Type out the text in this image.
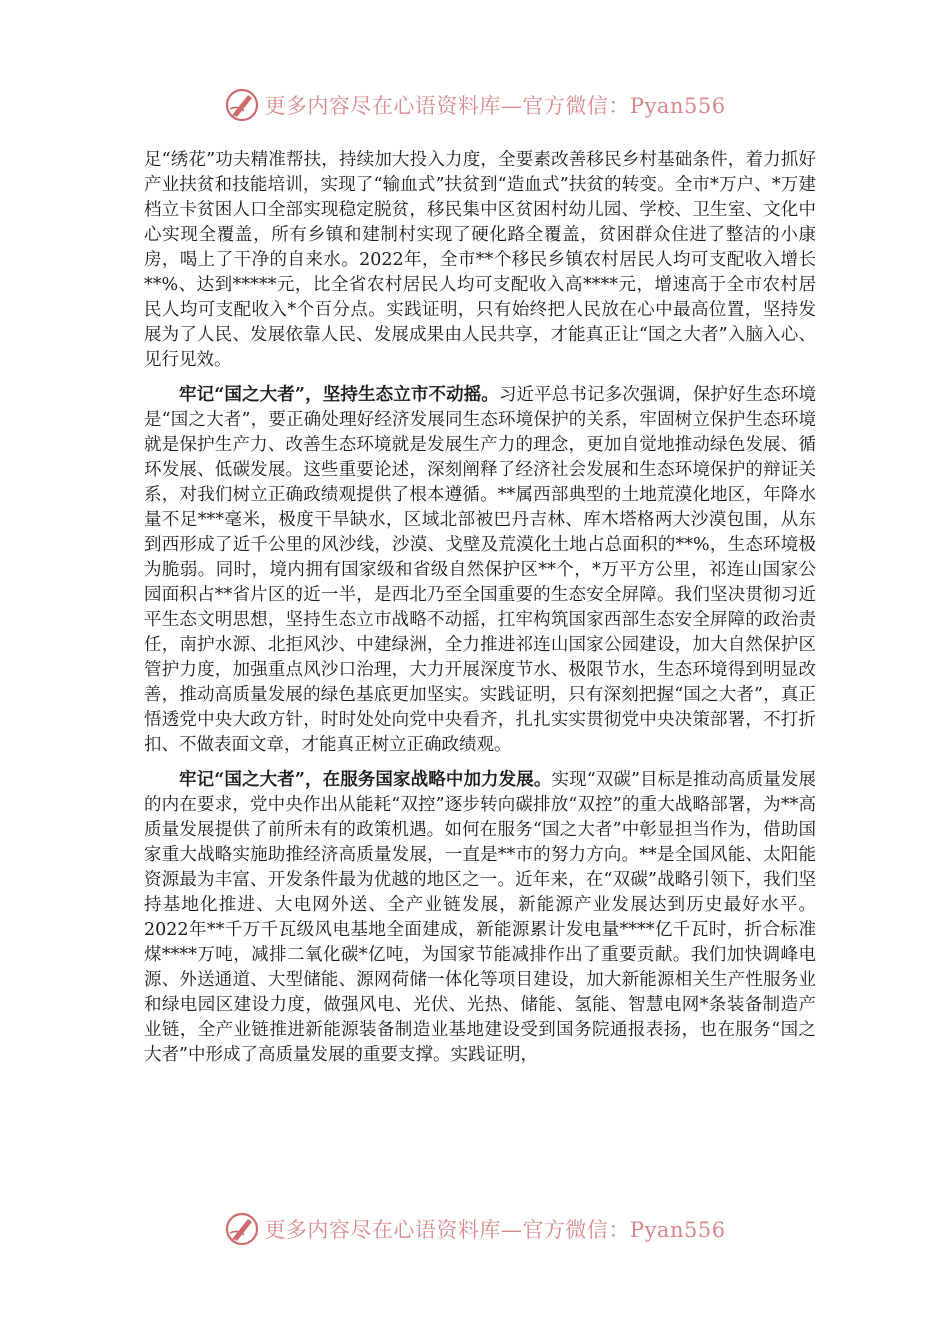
更多内容尽在心语资料库—官方微信：Pyan556

足“绣花”功夫精准帮扶，持续加大投入力度，全要素改善移民乡村基础条件，着力抓好产业扶贫和技能培训，实现了“输血式”扶贫到“造血式”扶贫的转变。全市*万户、*万建档立卡贫困人口全部实现稳定脱贫，移民集中区贫困村幼儿园、学校、卫生室、文化中心实现全覆盖，所有乡镇和建制村实现了硬化路全覆盖，贫困群众住进了整洁的小康房，喝上了干净的自来水。2022年，全市**个移民乡镇农村居民人均可支配收入增长**%、达到*****元，比全省农村居民人均可支配收入高****元，增速高于全市农村居民人均可支配收入*个百分点。实践证明，只有始终把人民放在心中最高位置，坚持发展为了人民、发展依靠人民、发展成果由人民共享，才能真正让“国之大者”入脑入心、见行见效。

牢记“国之大者”，坚持生态立市不动摇。习近平总书记多次强调，保护好生态环境是“国之大者”，要正确处理好经济发展同生态环境保护的关系，牢固树立保护生态环境就是保护生产力、改善生态环境就是发展生产力的理念，更加自觉地推动绿色发展、循环发展、低碳发展。这些重要论述，深刻阐释了经济社会发展和生态环境保护的辩证关系，对我们树立正确政绩观提供了根本遵循。**属西部典型的土地荒漠化地区，年降水量不足***毫米，极度干旱缺水，区域北部被巴丹吉林、库木塔格两大沙漠包围，从东到西形成了近千公里的风沙线，沙漠、戈壁及荒漠化土地占总面积的**%，生态环境极为脆弱。同时，境内拥有国家级和省级自然保护区**个，*万平方公里，祁连山国家公园面积占**省片区的近一半，是西北乃至全国重要的生态安全屏障。我们坚决贯彻习近平生态文明思想，坚持生态立市战略不动摇，扛牢构筑国家西部生态安全屏障的政治责任，南护水源、北拒风沙、中建绿洲，全力推进祁连山国家公园建设，加大自然保护区管护力度，加强重点风沙口治理，大力开展深度节水、极限节水，生态环境得到明显改善，推动高质量发展的绿色基底更加坚实。实践证明，只有深刻把握“国之大者”，真正悟透党中央大政方针，时时处处向党中央看齐，扎扎实实贯彻党中央决策部署，不打折扣、不做表面文章，才能真正树立正确政绩观。

牢记“国之大者”，在服务国家战略中加力发展。实现“双碳”目标是推动高质量发展的内在要求，党中央作出从能耗“双控”逐步转向碳排放“双控”的重大战略部署，为**高质量发展提供了前所未有的政策机遇。如何在服务“国之大者”中彰显担当作为，借助国家重大战略实施助推经济高质量发展，一直是**市的努力方向。**是全国风能、太阳能资源最为丰富、开发条件最为优越的地区之一。近年来，在“双碳”战略引领下，我们坚持基地化推进、大电网外送、全产业链发展，新能源产业发展达到历史最好水平。2022年**千万千瓦级风电基地全面建成，新能源累计发电量****亿千瓦时，折合标准煤****万吨，减排二氧化碳*亿吨，为国家节能减排作出了重要贡献。我们加快调峰电源、外送通道、大型储能、源网荷储一体化等项目建设，加大新能源相关生产性服务业和绿电园区建设力度，做强风电、光伏、光热、储能、氢能、智慧电网*条装备制造产业链，全产业链推进新能源装备制造业基地建设受到国务院通报表扬，也在服务“国之大者”中形成了高质量发展的重要支撑。实践证明，

更多内容尽在心语资料库—官方微信：Pyan556
